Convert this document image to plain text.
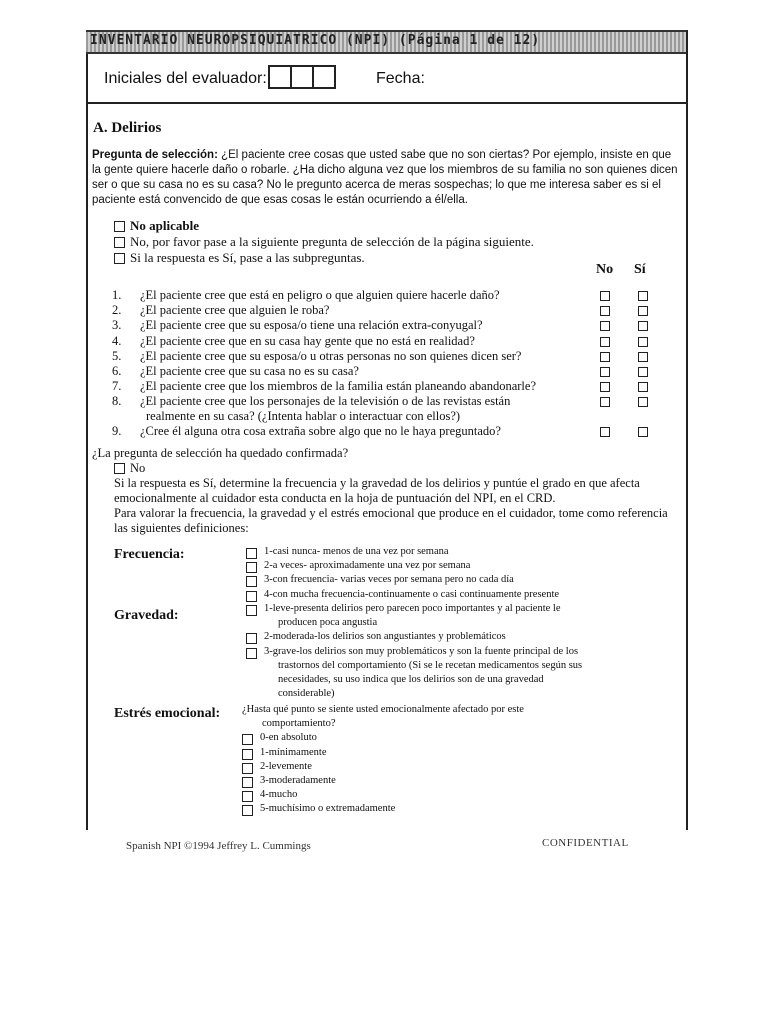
INVENTARIO NEUROPSIQUIATRICO (NPI) (Página 1 de 12)
Iniciales del evaluador:	Fecha:
A. Delirios
Pregunta de selección: ¿El paciente cree cosas que usted sabe que no son ciertas? Por ejemplo, insiste en que la gente quiere hacerle daño o robarle. ¿Ha dicho alguna vez que los miembros de su familia no son quienes dicen ser o que su casa no es su casa? No le pregunto acerca de meras sospechas; lo que me interesa saber es si el paciente está convencido de que esas cosas le están ocurriendo a él/ella.
No aplicable
No, por favor pase a la siguiente pregunta de selección de la página siguiente.
Si la respuesta es Sí, pase a las subpreguntas.
No Sí
1.	¿El paciente cree que está en peligro o que alguien quiere hacerle daño?
2.	¿El paciente cree que alguien le roba?
3.	¿El paciente cree que su esposa/o tiene una relación extra-conyugal?
4.	¿El paciente cree que en su casa hay gente que no está en realidad?
5.	¿El paciente cree que su esposa/o u otras personas no son quienes dicen ser?
6.	¿El paciente cree que su casa no es su casa?
7.	¿El paciente cree que los miembros de la familia están planeando abandonarle?
8.	¿El paciente cree que los personajes de la televisión o de las revistas están
realmente en su casa? (¿Intenta hablar o interactuar con ellos?)
9.	¿Cree él alguna otra cosa extraña sobre algo que no le haya preguntado?
¿La pregunta de selección ha quedado confirmada?
No
Si la respuesta es Sí, determine la frecuencia y la gravedad de los delirios y puntúe el grado en que afecta emocionalmente al cuidador esta conducta en la hoja de puntuación del NPI, en el CRD.
Para valorar la frecuencia, la gravedad y el estrés emocional que produce en el cuidador, tome como referencia las siguientes definiciones:
Frecuencia:	1-casi nunca- menos de una vez por semana
2-a veces- aproximadamente una vez por semana
3-con frecuencia- varias veces por semana pero no cada día
4-con mucha frecuencia-continuamente o casi continuamente presente
Gravedad:	1-leve-presenta delirios pero parecen poco importantes y al paciente le
producen poca angustia
2-moderada-los delirios son angustiantes y problemáticos
3-grave-los delirios son muy problemáticos y son la fuente principal de los
trastornos del comportamiento (Si se le recetan medicamentos según sus
necesidades, su uso indica que los delirios son de una gravedad
considerable)
Estrés emocional: ¿Hasta qué punto se siente usted emocionalmente afectado por este
comportamiento?
0-en absoluto
1-mínimamente
2-levemente
3-moderadamente
4-mucho
5-muchísimo o extremadamente
Spanish NPI ©1994 Jeffrey L. Cummings	CONFIDENTIAL
